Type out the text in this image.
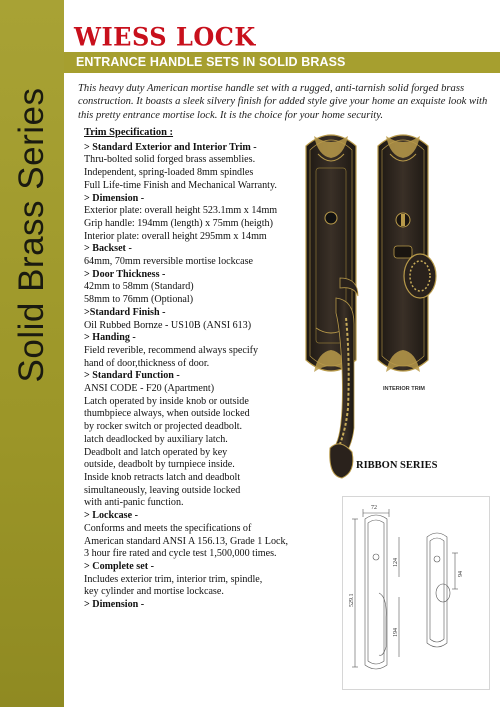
Solid Brass Series
WIESS LOCK
ENTRANCE HANDLE SETS IN SOLID BRASS

This heavy duty American mortise handle set with a rugged, anti-tarnish solid forged brass construction. It boasts a sleek silvery finish for added style give your home an exquiste look with this pretty entrance mortise lock. It is the choice for your home security.

Trim Specification :
> Standard Exterior and Interior Trim -
Thru-bolted solid forged brass assemblies.
Independent, spring-loaded 8mm spindles
Full Life-time Finish and Mechanical Warranty.
> Dimension -
Exterior plate: overall height 523.1mm x 14mm
Grip handle: 194mm (length) x 75mm (heigth)
Interior plate: overall height 295mm x 14mm
> Backset -
64mm, 70mm reversible mortise lockcase
> Door Thickness -
42mm to 58mm (Standard)
58mm to 76mm (Optional)
>Standard Finish -
Oil Rubbed Bornze - US10B (ANSI 613)
> Handing -
Field reverible, recommend always specify
hand of door,thickness of door.
> Standard Function -
ANSI CODE - F20 (Apartment)
Latch operated by inside knob or outside
thumbpiece always, when outside locked
by rocker switch or projected deadbolt.
latch deadlocked by auxiliary latch.
Deadbolt and latch operated by key
outside, deadbolt by turnpiece inside.
Inside knob retracts latch and deadbolt
simultaneously, leaving outside locked
with anti-panic function.
> Lockcase -
Conforms and meets the specifications of
American standard ANSI A 156.13, Grade 1 Lock,
3 hour fire rated and cycle test 1,500,000 times.
> Complete set -
Includes exterior trim, interior trim, spindle,
key cylinder and mortise lockcase.
> Dimension -
INTERIOR TRIM
RIBBON SERIES
72
529.1
124
194
94
